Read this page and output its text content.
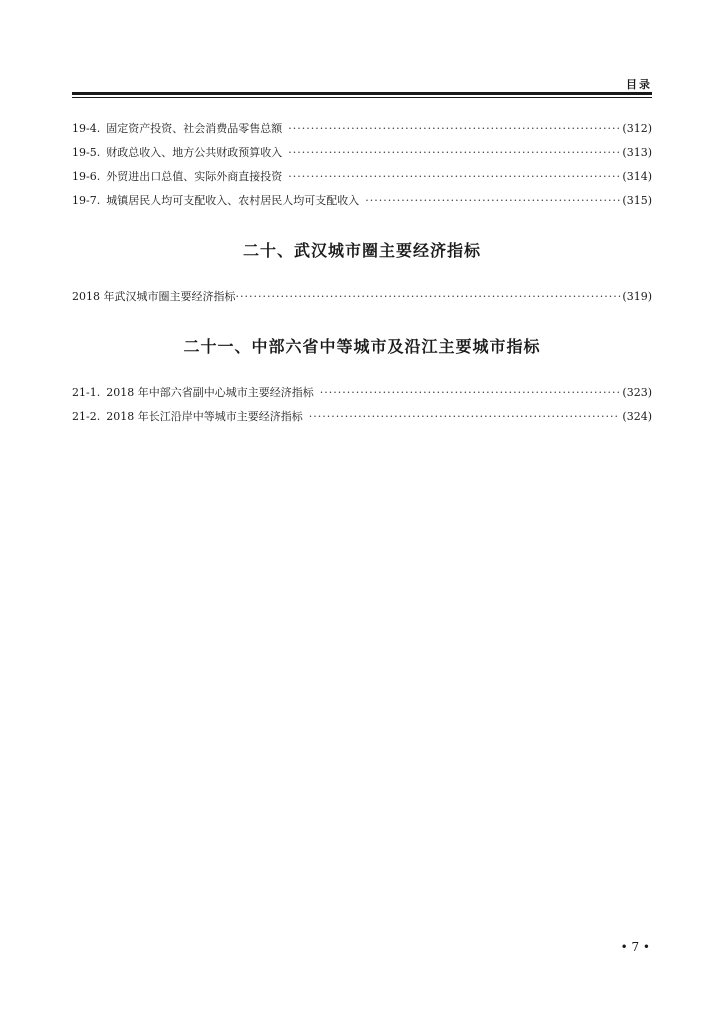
目录
19-4. 固定资产投资、社会消费品零售总额 ·····	(312)
19-5. 财政总收入、地方公共财政预算收入 ·····	(313)
19-6. 外贸进出口总值、实际外商直接投资 ·····	(314)
19-7. 城镇居民人均可支配收入、农村居民人均可支配收入 ·····	(315)
二十、武汉城市圈主要经济指标
2018 年武汉城市圈主要经济指标 ·····	(319)
二十一、中部六省中等城市及沿江主要城市指标
21-1. 2018 年中部六省副中心城市主要经济指标 ·····	(323)
21-2. 2018 年长江沿岸中等城市主要经济指标 ·····	(324)
• 7 •
